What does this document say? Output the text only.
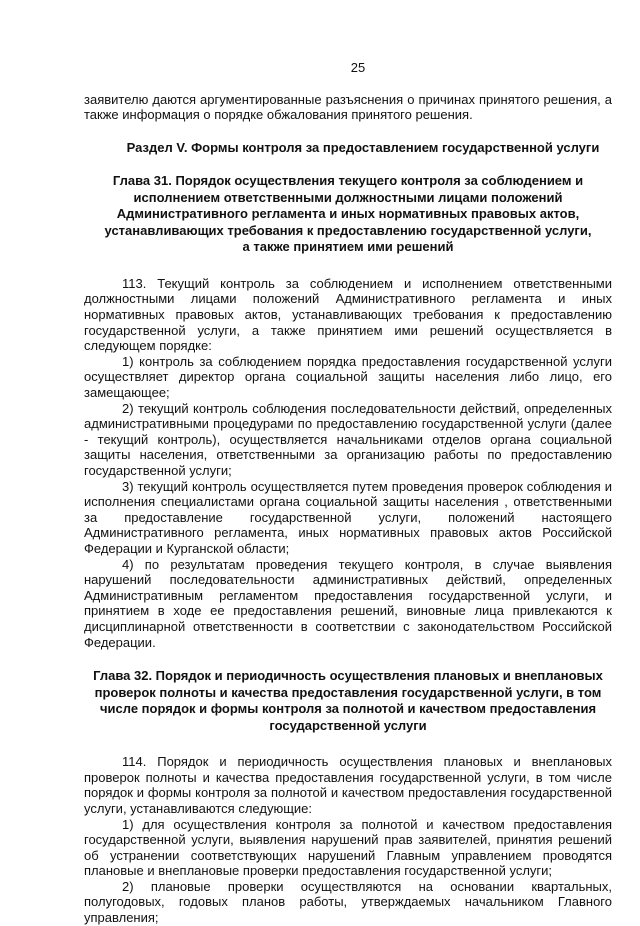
25

заявителю даются аргументированные разъяснения о причинах принятого решения, а также информация о порядке обжалования принятого решения.

Раздел V. Формы контроля за предоставлением государственной услуги
Глава 31. Порядок осуществления текущего контроля за соблюдением и исполнением ответственными должностными лицами положений Административного регламента и иных нормативных правовых актов, устанавливающих требования к предоставлению государственной услуги, а также принятием ими решений

113. Текущий контроль за соблюдением и исполнением ответственными должностными лицами положений Административного регламента и иных нормативных правовых актов, устанавливающих требования к предоставлению государственной услуги, а также принятием ими решений осуществляется в следующем порядке:

1) контроль за соблюдением порядка предоставления государственной услуги осуществляет директор органа социальной защиты населения либо лицо, его замещающее;

2) текущий контроль соблюдения последовательности действий, определенных административными процедурами по предоставлению государственной услуги (далее - текущий контроль), осуществляется начальниками отделов органа социальной защиты населения, ответственными за организацию работы по предоставлению государственной услуги;

3) текущий контроль осуществляется путем проведения проверок соблюдения и исполнения специалистами органа социальной защиты населения , ответственными за предоставление государственной услуги, положений настоящего Административного регламента, иных нормативных правовых актов Российской Федерации и Курганской области;

4) по результатам проведения текущего контроля, в случае выявления нарушений последовательности административных действий, определенных Административным регламентом предоставления государственной услуги, и принятием в ходе ее предоставления решений, виновные лица привлекаются к дисциплинарной ответственности в соответствии с законодательством Российской Федерации.

Глава 32. Порядок и периодичность осуществления плановых и внеплановых проверок полноты и качества предоставления государственной услуги, в том числе порядок и формы контроля за полнотой и качеством предоставления государственной услуги

114. Порядок и периодичность осуществления плановых и внеплановых проверок полноты и качества предоставления государственной услуги, в том числе порядок и формы контроля за полнотой и качеством предоставления государственной услуги, устанавливаются следующие:

1) для осуществления контроля за полнотой и качеством предоставления государственной услуги, выявления нарушений прав заявителей, принятия решений об устранении соответствующих нарушений Главным управлением проводятся плановые и внеплановые проверки предоставления государственной услуги;

2) плановые проверки осуществляются на основании квартальных, полугодовых, годовых планов работы, утверждаемых начальником Главного управления;
